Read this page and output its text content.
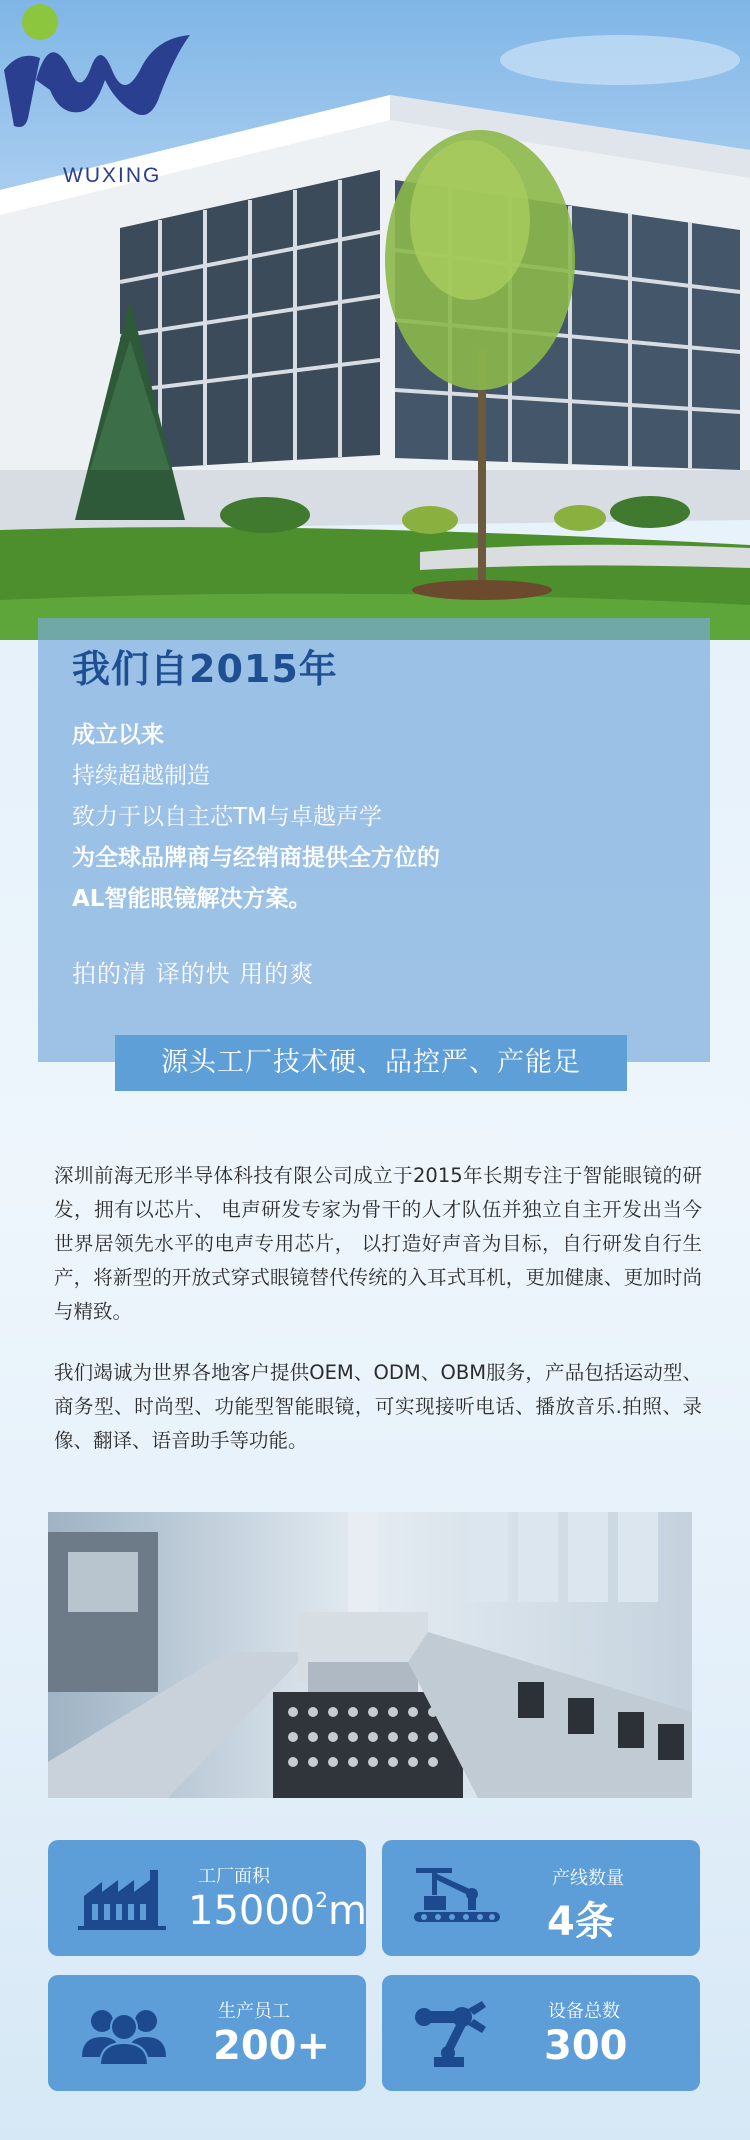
WUXING
我们自2015年
成立以来
持续超越制造
致力于以自主芯TM与卓越声学
为全球品牌商与经销商提供全方位的
AL智能眼镜解决方案。
拍的清 译的快 用的爽
源头工厂技术硬、品控严、产能足
深圳前海无形半导体科技有限公司成立于2015年长期专注于智能眼镜的研发，拥有以芯片、 电声研发专家为骨干的人才队伍并独立自主开发出当今世界居领先水平的电声专用芯片， 以打造好声音为目标，自行研发自行生产，将新型的开放式穿式眼镜替代传统的入耳式耳机，更加健康、更加时尚与精致。
我们竭诚为世界各地客户提供OEM、ODM、OBM服务，产品包括运动型、商务型、时尚型、功能型智能眼镜，可实现接听电话、播放音乐.拍照、录像、翻译、语音助手等功能。
工厂面积
15000$^2$m
产线数量
4条
生产员工
200+
设备总数
300
